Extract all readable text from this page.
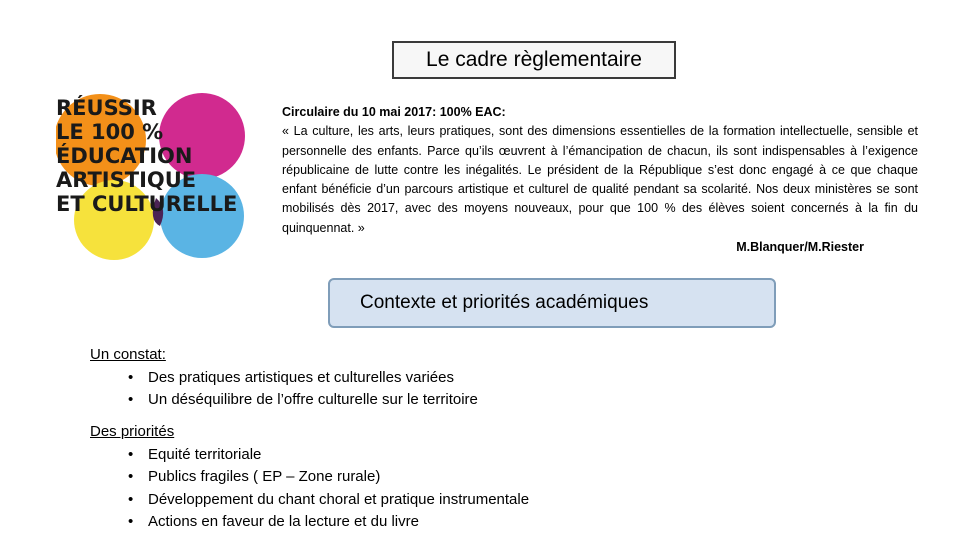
Le cadre règlementaire
RÉUSSIR
LE 100 %
ÉDUCATION
ARTISTIQUE
ET CULTURELLE
Circulaire du 10 mai 2017: 100% EAC:
« La culture, les arts, leurs pratiques, sont des dimensions essentielles de la formation intellectuelle, sensible et personnelle des enfants. Parce qu’ils œuvrent à l’émancipation de chacun, ils sont indispensables à l’exigence républicaine de lutte contre les inégalités. Le président de la République s’est donc engagé à ce que chaque enfant bénéficie d’un parcours artistique et culturel de qualité pendant sa scolarité. Nos deux ministères se sont mobilisés dès 2017, avec des moyens nouveaux, pour que 100 % des élèves soient concernés à la fin du quinquennat. »
M.Blanquer/M.Riester
Contexte et priorités académiques
Un constat:
• Des pratiques artistiques et culturelles variées
• Un déséquilibre de l’offre culturelle sur le territoire
Des priorités
• Equité territoriale
• Publics fragiles ( EP – Zone rurale)
• Développement du chant choral et pratique instrumentale
• Actions en faveur de la lecture et du livre
